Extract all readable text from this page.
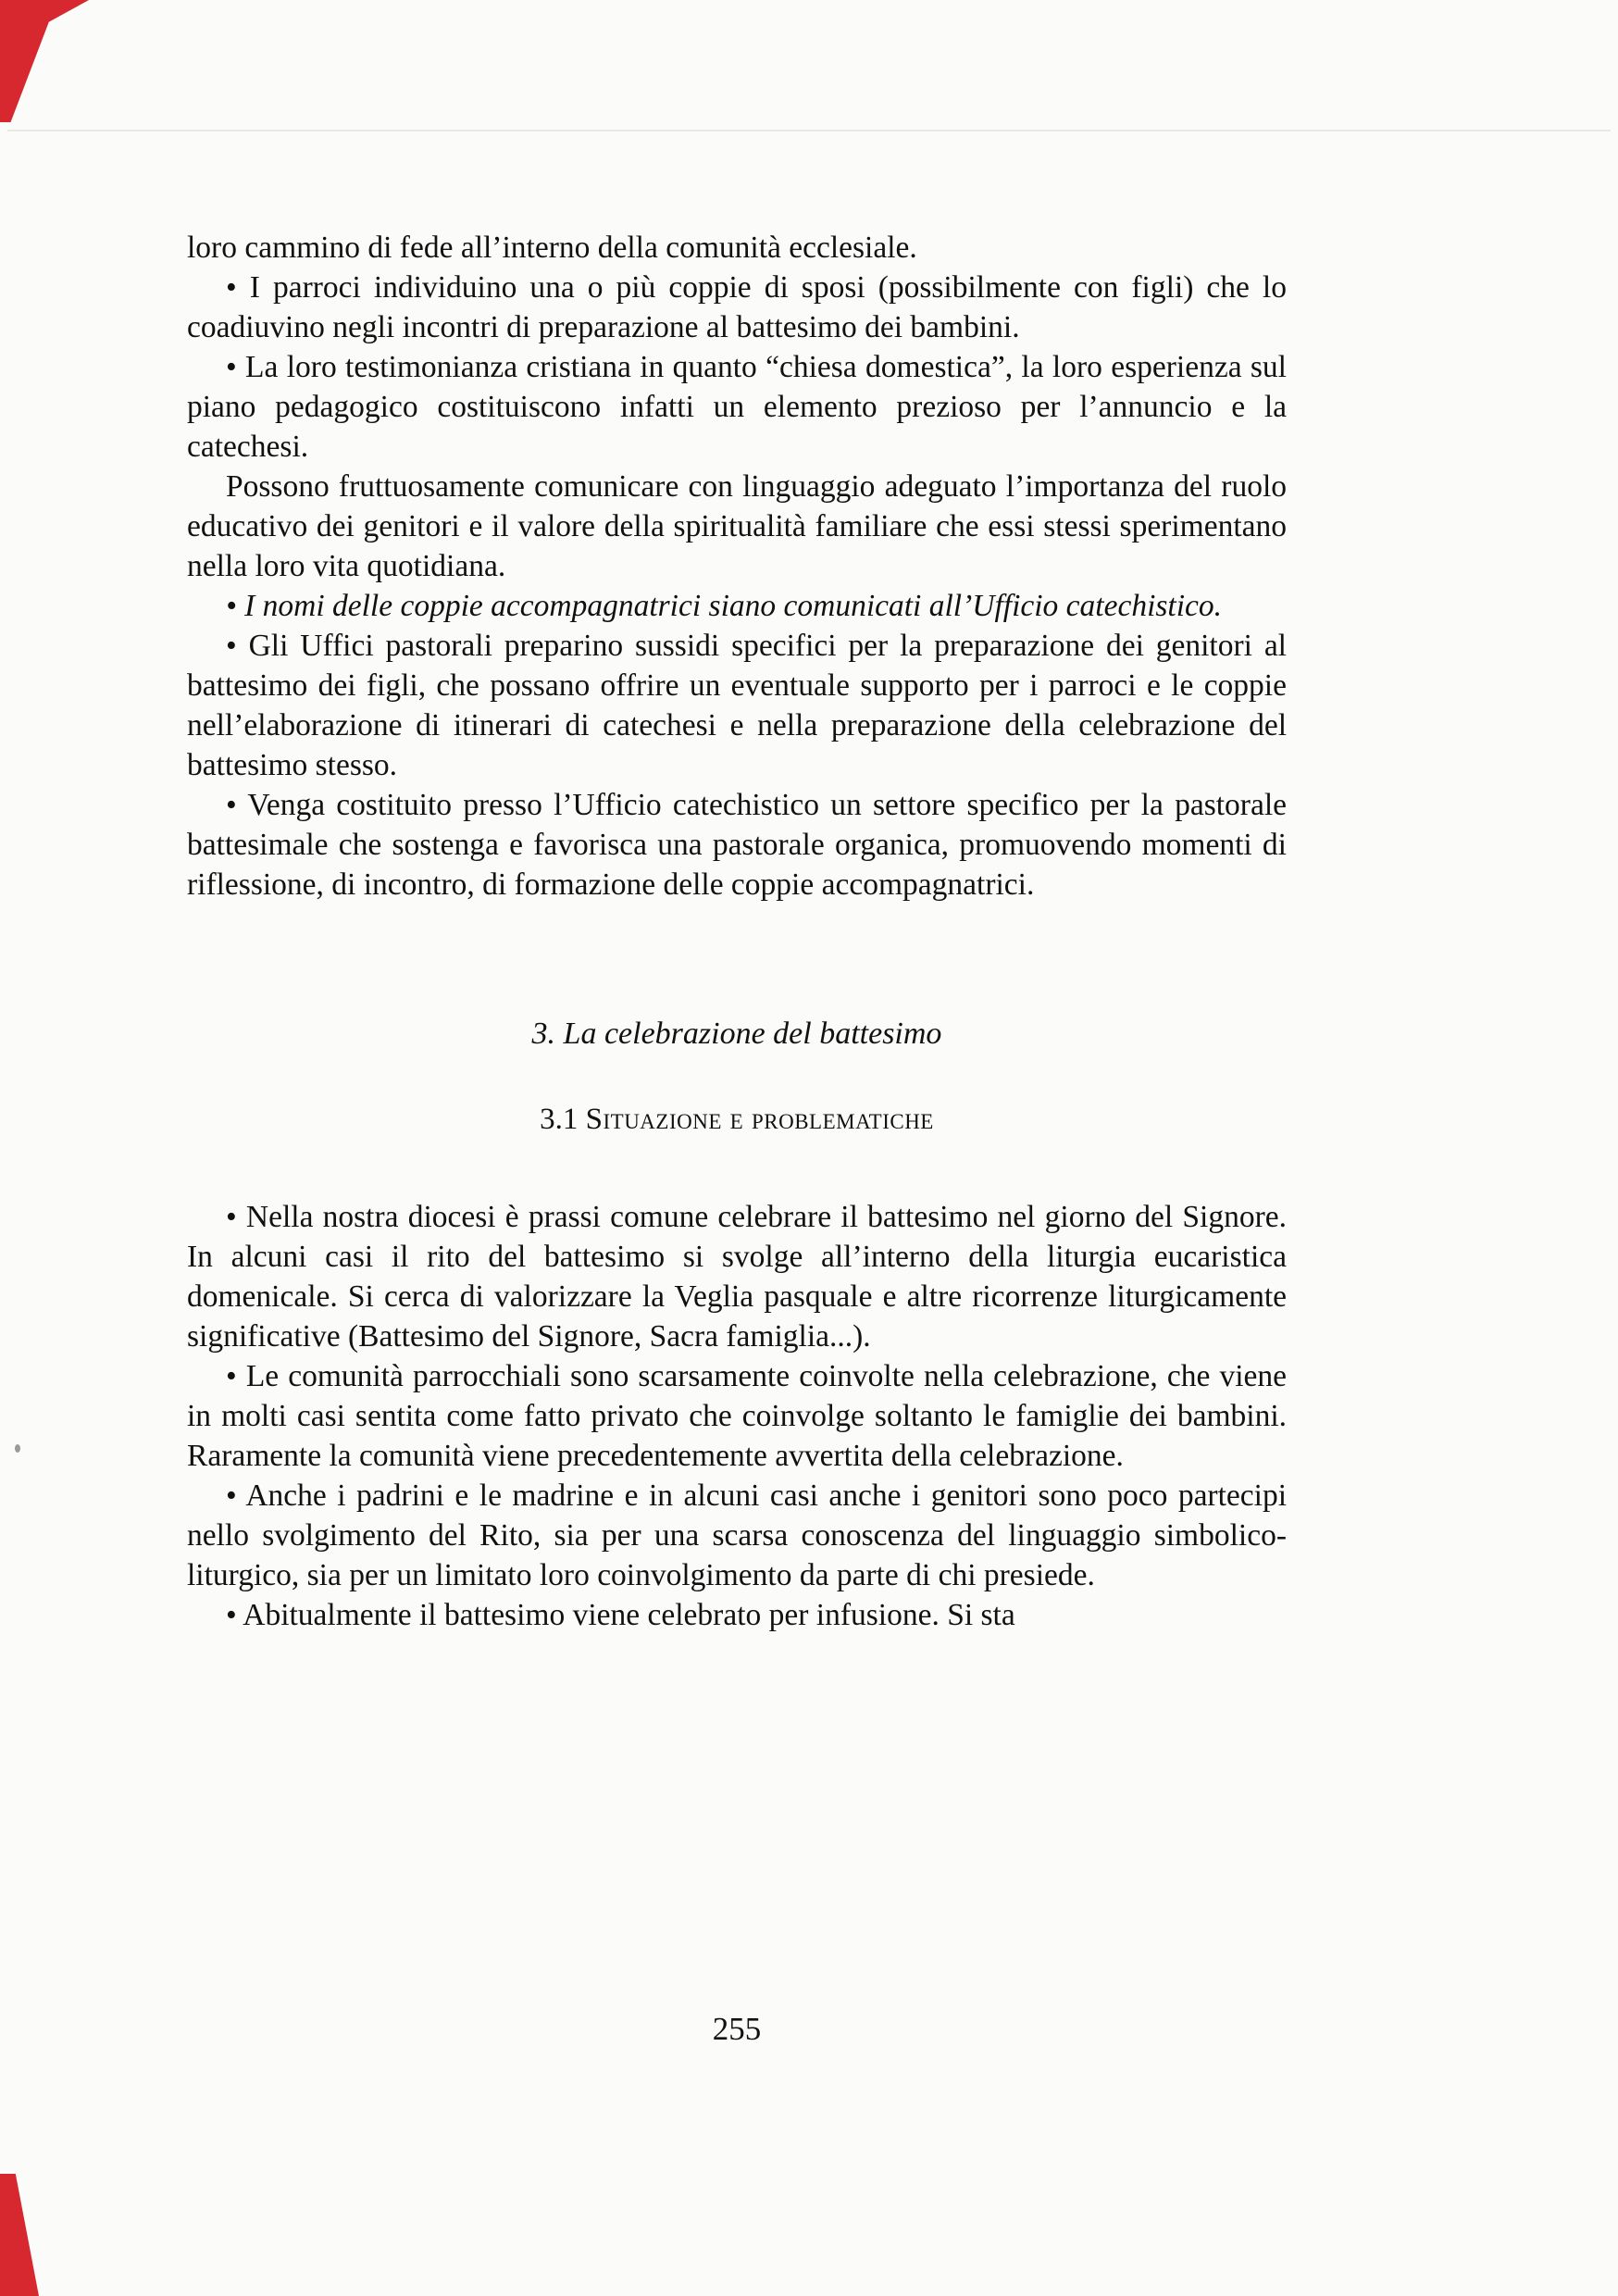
loro cammino di fede all’interno della comunità ecclesiale.

• I parroci individuino una o più coppie di sposi (possibilmente con figli) che lo coadiuvino negli incontri di preparazione al battesimo dei bambini.

• La loro testimonianza cristiana in quanto “chiesa domestica”, la loro esperienza sul piano pedagogico costituiscono infatti un elemento prezioso per l’annuncio e la catechesi.

Possono fruttuosamente comunicare con linguaggio adeguato l’importanza del ruolo educativo dei genitori e il valore della spiritualità familiare che essi stessi sperimentano nella loro vita quotidiana.

• I nomi delle coppie accompagnatrici siano comunicati all’Ufficio catechistico.

• Gli Uffici pastorali preparino sussidi specifici per la preparazione dei genitori al battesimo dei figli, che possano offrire un eventuale supporto per i parroci e le coppie nell’elaborazione di itinerari di catechesi e nella preparazione della celebrazione del battesimo stesso.

• Venga costituito presso l’Ufficio catechistico un settore specifico per la pastorale battesimale che sostenga e favorisca una pastorale organica, promuovendo momenti di riflessione, di incontro, di formazione delle coppie accompagnatrici.

3. La celebrazione del battesimo
3.1 Situazione e problematiche

• Nella nostra diocesi è prassi comune celebrare il battesimo nel giorno del Signore. In alcuni casi il rito del battesimo si svolge all’interno della liturgia eucaristica domenicale. Si cerca di valorizzare la Veglia pasquale e altre ricorrenze liturgicamente significative (Battesimo del Signore, Sacra famiglia...).

• Le comunità parrocchiali sono scarsamente coinvolte nella celebrazione, che viene in molti casi sentita come fatto privato che coinvolge soltanto le famiglie dei bambini. Raramente la comunità viene precedentemente avvertita della celebrazione.

• Anche i padrini e le madrine e in alcuni casi anche i genitori sono poco partecipi nello svolgimento del Rito, sia per una scarsa conoscenza del linguaggio simbolico-liturgico, sia per un limitato loro coinvolgimento da parte di chi presiede.

• Abitualmente il battesimo viene celebrato per infusione. Si sta

255
